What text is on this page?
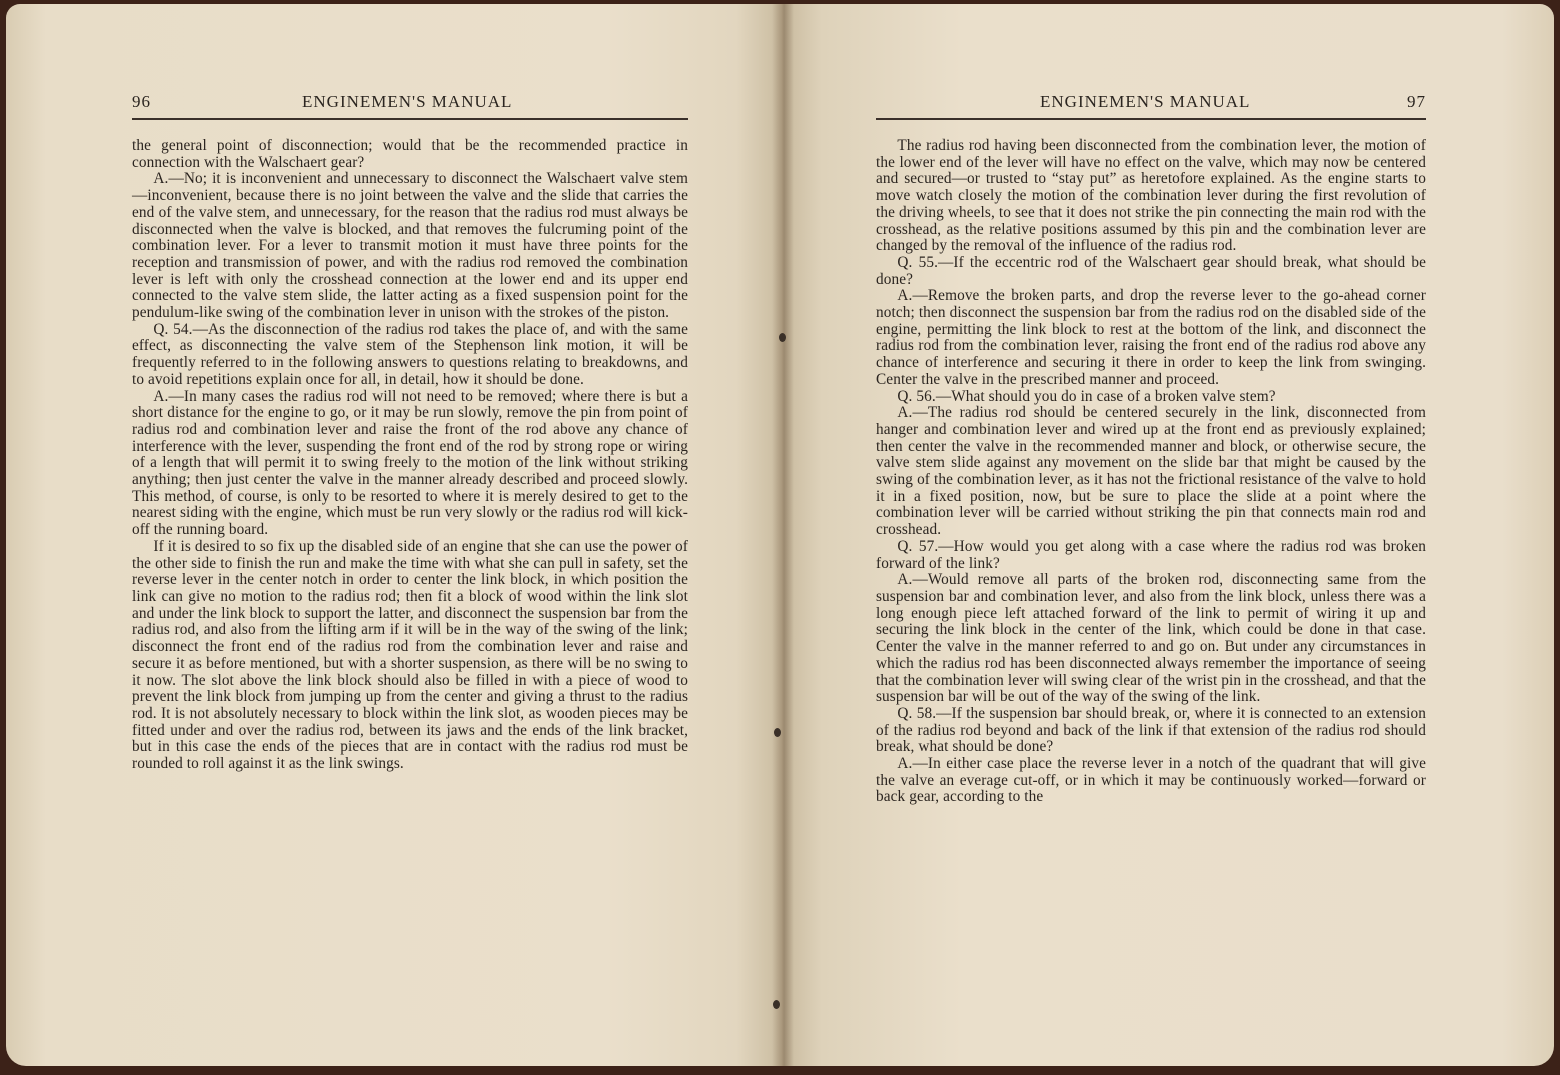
96	ENGINEMEN'S MANUAL

the general point of disconnection; would that be the recommended practice in connection with the Walschaert gear?

A.—No; it is inconvenient and unnecessary to disconnect the Walschaert valve stem—inconvenient, because there is no joint between the valve and the slide that carries the end of the valve stem, and unnecessary, for the reason that the radius rod must always be disconnected when the valve is blocked, and that removes the fulcruming point of the combination lever. For a lever to transmit motion it must have three points for the reception and transmission of power, and with the radius rod removed the combination lever is left with only the crosshead connection at the lower end and its upper end connected to the valve stem slide, the latter acting as a fixed suspension point for the pendulum-like swing of the combination lever in unison with the strokes of the piston.

Q. 54.—As the disconnection of the radius rod takes the place of, and with the same effect, as disconnecting the valve stem of the Stephenson link motion, it will be frequently referred to in the following answers to questions relating to breakdowns, and to avoid repetitions explain once for all, in detail, how it should be done.

A.—In many cases the radius rod will not need to be removed; where there is but a short distance for the engine to go, or it may be run slowly, remove the pin from point of radius rod and combination lever and raise the front of the rod above any chance of interference with the lever, suspending the front end of the rod by strong rope or wiring of a length that will permit it to swing freely to the motion of the link without striking anything; then just center the valve in the manner already described and proceed slowly. This method, of course, is only to be resorted to where it is merely desired to get to the nearest siding with the engine, which must be run very slowly or the radius rod will kick-off the running board.

If it is desired to so fix up the disabled side of an engine that she can use the power of the other side to finish the run and make the time with what she can pull in safety, set the reverse lever in the center notch in order to center the link block, in which position the link can give no motion to the radius rod; then fit a block of wood within the link slot and under the link block to support the latter, and disconnect the suspension bar from the radius rod, and also from the lifting arm if it will be in the way of the swing of the link; disconnect the front end of the radius rod from the combination lever and raise and secure it as before mentioned, but with a shorter suspension, as there will be no swing to it now. The slot above the link block should also be filled in with a piece of wood to prevent the link block from jumping up from the center and giving a thrust to the radius rod. It is not absolutely necessary to block within the link slot, as wooden pieces may be fitted under and over the radius rod, between its jaws and the ends of the link bracket, but in this case the ends of the pieces that are in contact with the radius rod must be rounded to roll against it as the link swings.

ENGINEMEN'S MANUAL	97

The radius rod having been disconnected from the combination lever, the motion of the lower end of the lever will have no effect on the valve, which may now be centered and secured—or trusted to “stay put” as heretofore explained. As the engine starts to move watch closely the motion of the combination lever during the first revolution of the driving wheels, to see that it does not strike the pin connecting the main rod with the crosshead, as the relative positions assumed by this pin and the combination lever are changed by the removal of the influence of the radius rod.

Q. 55.—If the eccentric rod of the Walschaert gear should break, what should be done?

A.—Remove the broken parts, and drop the reverse lever to the go-ahead corner notch; then disconnect the suspension bar from the radius rod on the disabled side of the engine, permitting the link block to rest at the bottom of the link, and disconnect the radius rod from the combination lever, raising the front end of the radius rod above any chance of interference and securing it there in order to keep the link from swinging. Center the valve in the prescribed manner and proceed.

Q. 56.—What should you do in case of a broken valve stem?

A.—The radius rod should be centered securely in the link, disconnected from hanger and combination lever and wired up at the front end as previously explained; then center the valve in the recommended manner and block, or otherwise secure, the valve stem slide against any movement on the slide bar that might be caused by the swing of the combination lever, as it has not the frictional resistance of the valve to hold it in a fixed position, now, but be sure to place the slide at a point where the combination lever will be carried without striking the pin that connects main rod and crosshead.

Q. 57.—How would you get along with a case where the radius rod was broken forward of the link?

A.—Would remove all parts of the broken rod, disconnecting same from the suspension bar and combination lever, and also from the link block, unless there was a long enough piece left attached forward of the link to permit of wiring it up and securing the link block in the center of the link, which could be done in that case. Center the valve in the manner referred to and go on. But under any circumstances in which the radius rod has been disconnected always remember the importance of seeing that the combination lever will swing clear of the wrist pin in the crosshead, and that the suspension bar will be out of the way of the swing of the link.

Q. 58.—If the suspension bar should break, or, where it is connected to an extension of the radius rod beyond and back of the link if that extension of the radius rod should break, what should be done?

A.—In either case place the reverse lever in a notch of the quadrant that will give the valve an everage cut-off, or in which it may be continuously worked—forward or back gear, according to the
